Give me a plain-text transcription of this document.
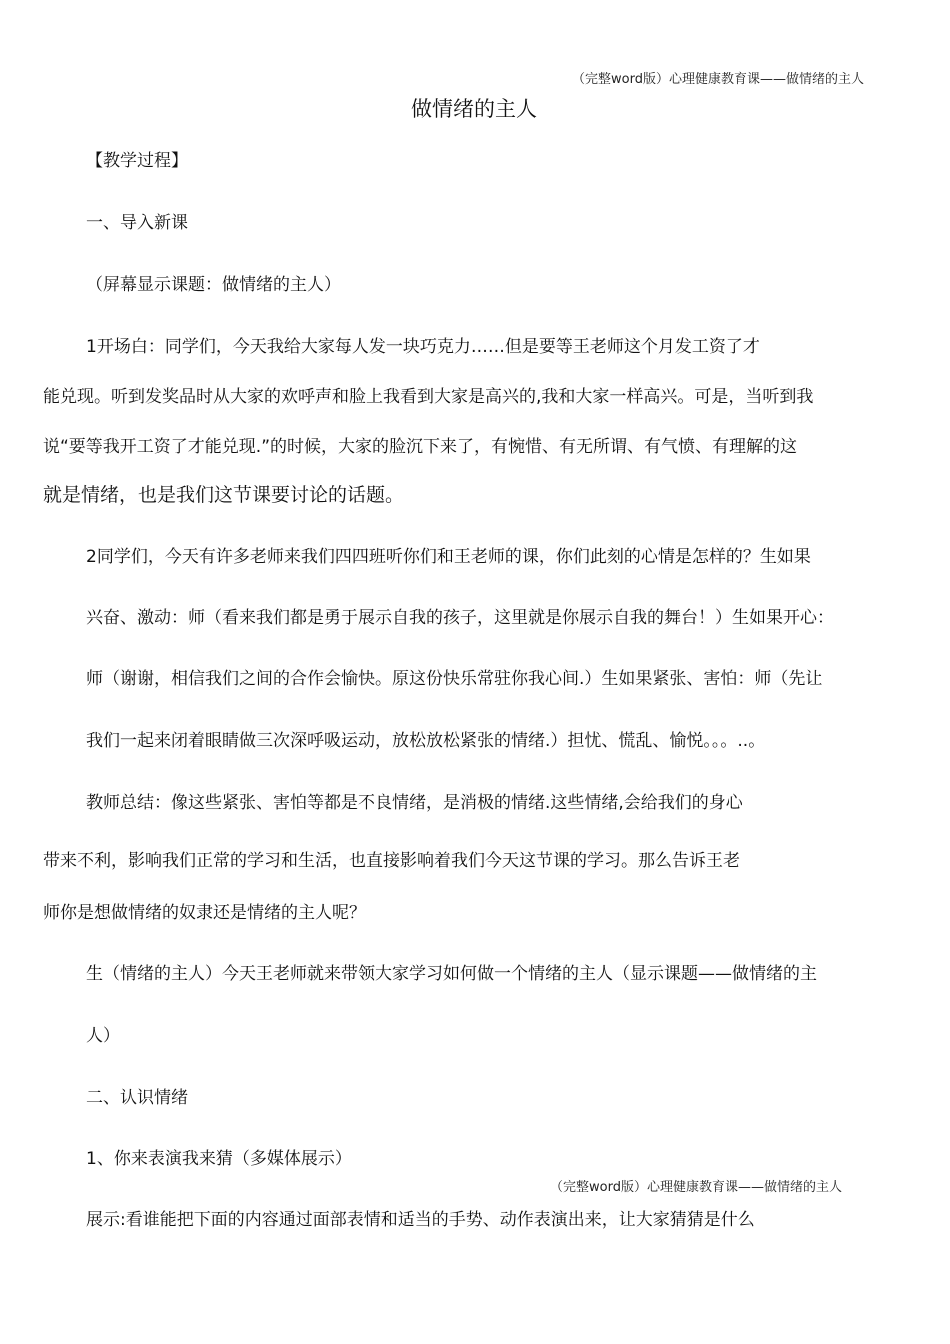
（完整word版）心理健康教育课——做情绪的主人
做情绪的主人
【教学过程】
一、导入新课
（屏幕显示课题：做情绪的主人）
1开场白：同学们，今天我给大家每人发一块巧克力……但是要等王老师这个月发工资了才
能兑现。听到发奖品时从大家的欢呼声和脸上我看到大家是高兴的,我和大家一样高兴。可是，当听到我
说“要等我开工资了才能兑现.”的时候，大家的脸沉下来了，有惋惜、有无所谓、有气愤、有理解的这
就是情绪，也是我们这节课要讨论的话题。
2同学们，今天有许多老师来我们四四班听你们和王老师的课，你们此刻的心情是怎样的？生如果
兴奋、激动：师（看来我们都是勇于展示自我的孩子，这里就是你展示自我的舞台！）生如果开心：
师（谢谢，相信我们之间的合作会愉快。原这份快乐常驻你我心间.）生如果紧张、害怕：师（先让
我们一起来闭着眼睛做三次深呼吸运动，放松放松紧张的情绪.）担忧、慌乱、愉悦。。。..。
教师总结：像这些紧张、害怕等都是不良情绪，是消极的情绪.这些情绪,会给我们的身心
带来不利，影响我们正常的学习和生活，也直接影响着我们今天这节课的学习。那么告诉王老
师你是想做情绪的奴隶还是情绪的主人呢？
生（情绪的主人）今天王老师就来带领大家学习如何做一个情绪的主人（显示课题——做情绪的主
人）
二、认识情绪
1、你来表演我来猜（多媒体展示）
（完整word版）心理健康教育课——做情绪的主人
展示:看谁能把下面的内容通过面部表情和适当的手势、动作表演出来，让大家猜猜是什么
